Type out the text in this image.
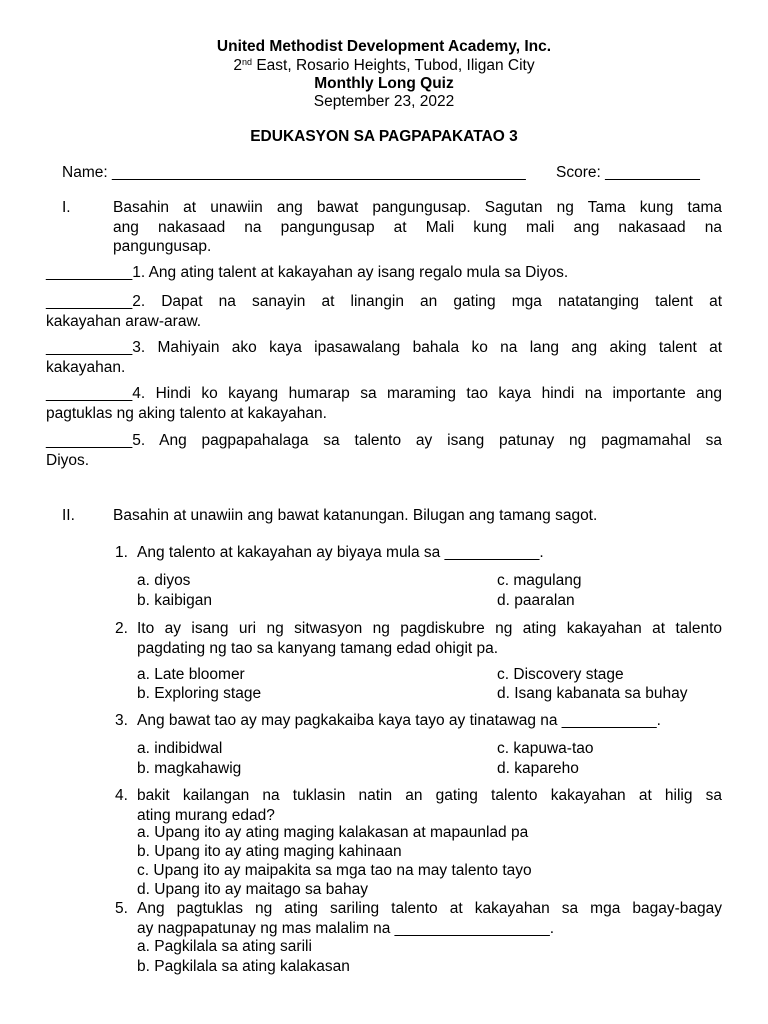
United Methodist Development Academy, Inc.
2nd East, Rosario Heights, Tubod, Iligan City
Monthly Long Quiz
September 23, 2022
EDUKASYON SA PAGPAPAKATAO 3
Name: ________________________________________________ Score: ___________
I.	Basahin at unawiin ang bawat pangungusap. Sagutan ng Tama kung tama
ang nakasaad na pangungusap at Mali kung mali ang nakasaad na
pangungusap.
__________1. Ang ating talent at kakayahan ay isang regalo mula sa Diyos.
__________2. Dapat na sanayin at linangin an gating mga natatanging talent at
kakayahan araw-araw.
__________3. Mahiyain ako kaya ipasawalang bahala ko na lang ang aking talent at
kakayahan.
__________4. Hindi ko kayang humarap sa maraming tao kaya hindi na importante ang
pagtuklas ng aking talento at kakayahan.
__________5. Ang pagpapahalaga sa talento ay isang patunay ng pagmamahal sa
Diyos.
II. Basahin at unawiin ang bawat katanungan. Bilugan ang tamang sagot.
1. Ang talento at kakayahan ay biyaya mula sa ___________.
a. diyos	c. magulang
b. kaibigan	d. paaralan
2. Ito ay isang uri ng sitwasyon ng pagdiskubre ng ating kakayahan at talento
pagdating ng tao sa kanyang tamang edad ohigit pa.
a. Late bloomer	c. Discovery stage
b. Exploring stage	d. Isang kabanata sa buhay
3. Ang bawat tao ay may pagkakaiba kaya tayo ay tinatawag na ___________.
a. indibidwal	c. kapuwa-tao
b. magkahawig	d. kapareho
4. bakit kailangan na tuklasin natin an gating talento kakayahan at hilig sa
ating murang edad?
a. Upang ito ay ating maging kalakasan at mapaunlad pa
b. Upang ito ay ating maging kahinaan
c. Upang ito ay maipakita sa mga tao na may talento tayo
d. Upang ito ay maitago sa bahay
5. Ang pagtuklas ng ating sariling talento at kakayahan sa mga bagay-bagay
ay nagpapatunay ng mas malalim na __________________.
a. Pagkilala sa ating sarili
b. Pagkilala sa ating kalakasan
